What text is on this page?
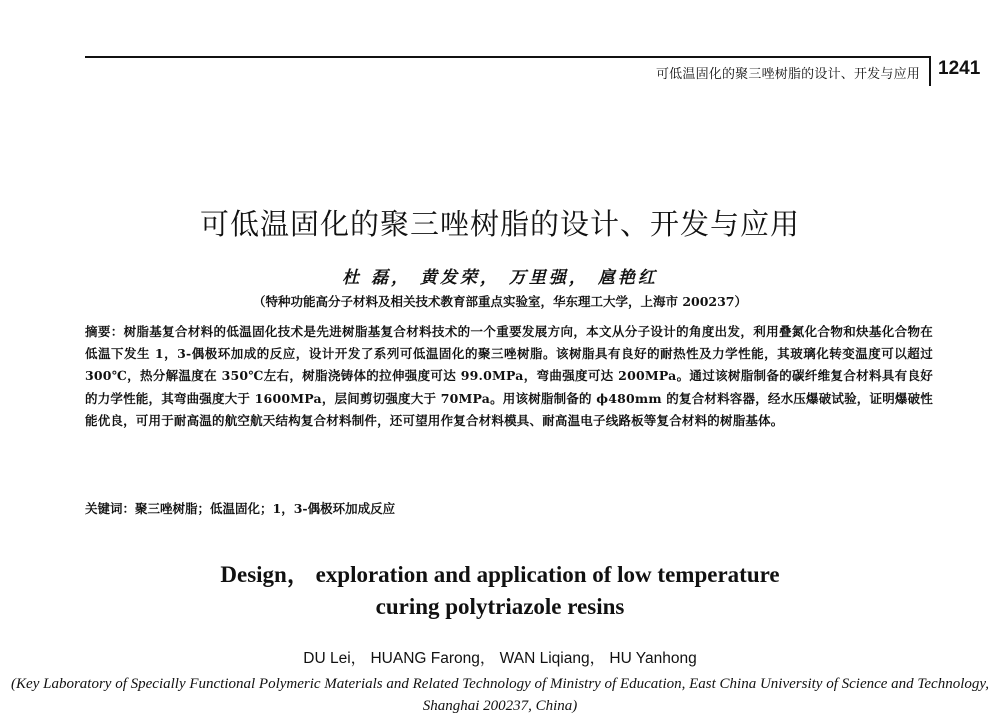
可低温固化的聚三唑树脂的设计、开发与应用 1241
可低温固化的聚三唑树脂的设计、开发与应用
杜 磊， 黄发荣， 万里强， 扈艳红
（特种功能高分子材料及相关技术教育部重点实验室，华东理工大学，上海市 200237）
摘要：树脂基复合材料的低温固化技术是先进树脂基复合材料技术的一个重要发展方向，本文从分子设计的角度出发，利用叠氮化合物和炔基化合物在低温下发生 1，3-偶极环加成的反应，设计开发了系列可低温固化的聚三唑树脂。该树脂具有良好的耐热性及力学性能，其玻璃化转变温度可以超过 300℃，热分解温度在 350℃左右，树脂浇铸体的拉伸强度可达 99.0MPa，弯曲强度可达 200MPa。通过该树脂制备的碳纤维复合材料具有良好的力学性能，其弯曲强度大于 1600MPa，层间剪切强度大于 70MPa。用该树脂制备的 ϕ480mm 的复合材料容器，经水压爆破试验，证明爆破性能优良，可用于耐高温的航空航天结构复合材料制件，还可望用作复合材料模具、耐高温电子线路板等复合材料的树脂基体。
关键词：聚三唑树脂；低温固化；1，3-偶极环加成反应
Design， exploration and application of low temperature
curing polytriazole resins
DU Lei， HUANG Farong， WAN Liqiang， HU Yanhong
(Key Laboratory of Specially Functional Polymeric Materials and Related Technology of Ministry of Education, East China University of Science and Technology, Shanghai 200237, China)
